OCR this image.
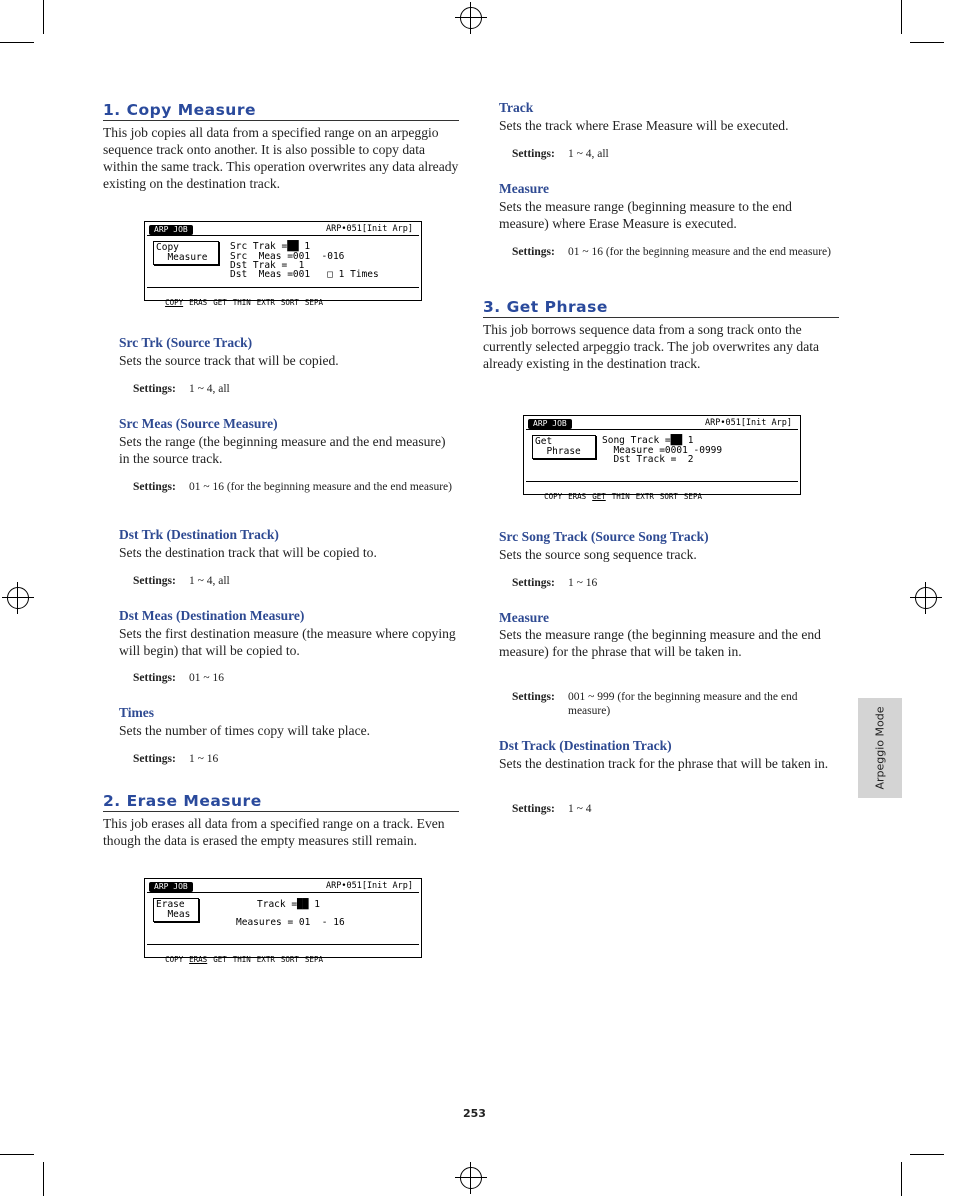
1. Copy Measure
This job copies all data from a specified range on an arpeggio sequence track onto another. It is also possible to copy data within the same track. This operation overwrites any data already existing on the destination track.
ARP JOB	ARP•051[Init Arp]
Copy
Measure
Src Trak =██ 1
Src  Meas =001  -016
Dst Trak =  1
Dst  Meas =001   □ 1 Times

COPY ERAS GET THIN EXTR SORT SEPA

Src Trk (Source Track)
Sets the source track that will be copied.
Settings: 1 ~ 4, all
Src Meas (Source Measure)
Sets the range (the beginning measure and the end measure) in the source track.
Settings: 01 ~ 16 (for the beginning measure and the end measure)
Dst Trk (Destination Track)
Sets the destination track that will be copied to.
Settings: 1 ~ 4, all
Dst Meas (Destination Measure)
Sets the first destination measure (the measure where copying will begin) that will be copied to.
Settings: 01 ~ 16
Times
Sets the number of times copy will take place.
Settings: 1 ~ 16
2. Erase Measure
This job erases all data from a specified range on a track. Even though the data is erased the empty measures still remain.
ARP JOB	ARP•051[Init Arp]
Erase
Meas
Track =██ 1
Measures = 01  - 16

COPY ERAS GET THIN EXTR SORT SEPA

Track
Sets the track where Erase Measure will be executed.
Settings: 1 ~ 4, all
Measure
Sets the measure range (beginning measure to the end measure) where Erase Measure is executed.
Settings: 01 ~ 16 (for the beginning measure and the end measure)
3. Get Phrase
This job borrows sequence data from a song track onto the currently selected arpeggio track. The job overwrites any data already existing in the destination track.
ARP JOB	ARP•051[Init Arp]
Get
Phrase
Song Track =██ 1
Measure =0001 -0999
Dst Track =  2

COPY ERAS GET THIN EXTR SORT SEPA

Src Song Track (Source Song Track)
Sets the source song sequence track.
Settings: 1 ~ 16
Measure
Sets the measure range (the beginning measure and the end measure) for the phrase that will be taken in.
Settings: 001 ~ 999 (for the beginning measure and the end measure)
Dst Track (Destination Track)
Sets the destination track for the phrase that will be taken in.
Settings: 1 ~ 4
Arpeggio Mode
253
